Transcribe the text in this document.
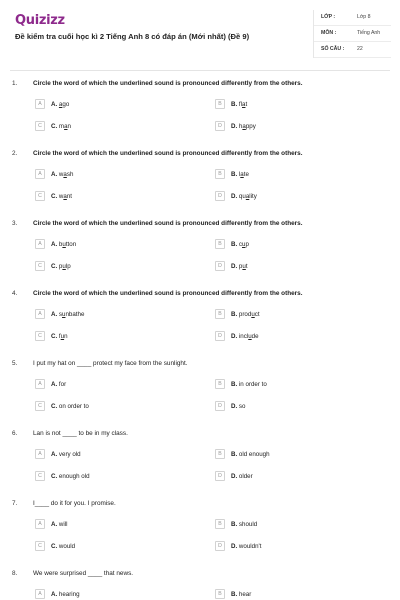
Quizizz
Đề kiểm tra cuối học kì 2 Tiếng Anh 8 có đáp án (Mới nhất) (Đề 9)
LỚP :	Lớp 8
MÔN :	Tiếng Anh
SỐ CÂU : 22
1. Circle the word of which the underlined sound is pronounced differently from the others.
A	A. ago	B	B. flat
C	C. man	D	D. happy
2. Circle the word of which the underlined sound is pronounced differently from the others.
A	A. wash	B	B. late
C	C. want	D	D. quality
3. Circle the word of which the underlined sound is pronounced differently from the others.
A	A. button	B	B. cup
C	C. pulp	D	D. put
4. Circle the word of which the underlined sound is pronounced differently from the others.
A	A. sunbathe	B	B. product
C	C. fun	D	D. include
5. I put my hat on ____ protect my face from the sunlight.
A	A. for	B	B. in order to
C	C. on order to	D	D. so
6. Lan is not ____ to be in my class.
A	A. very old	B	B. old enough
C	C. enough old	D	D. older
7. I____ do it for you. I promise.
A	A. will	B	B. should
C	C. would	D	D. wouldn't
8. We were surprised ____ that news.
A	A. hearing	B	B. hear
